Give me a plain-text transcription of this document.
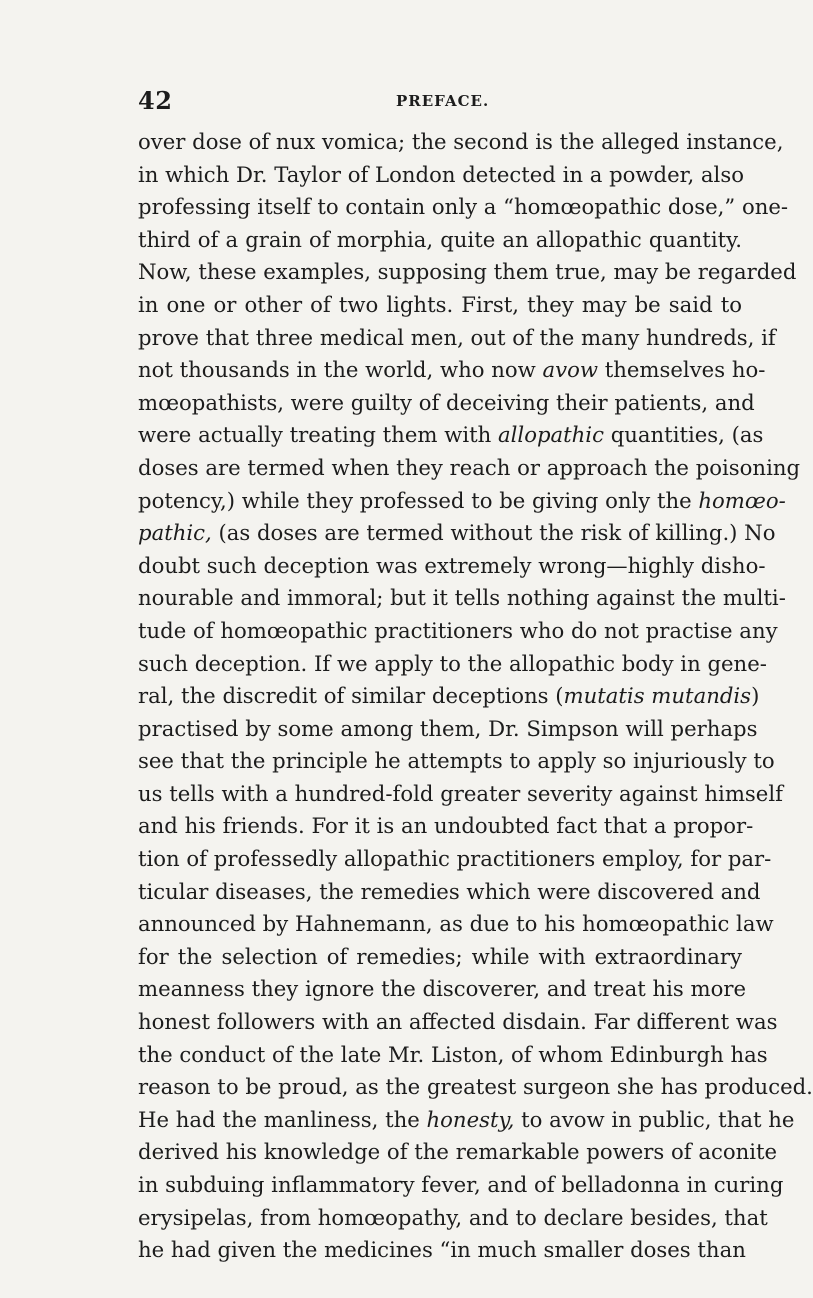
42	PREFACE.
over dose of nux vomica; the second is the alleged instance,
in which Dr. Taylor of London detected in a powder, also
professing itself to contain only a “homœopathic dose,” one-
third of a grain of morphia, quite an allopathic quantity.
Now, these examples, supposing them true, may be regarded
in one or other of two lights. First, they may be said to
prove that three medical men, out of the many hundreds, if
not thousands in the world, who now avow themselves ho-
mœopathists, were guilty of deceiving their patients, and
were actually treating them with allopathic quantities, (as
doses are termed when they reach or approach the poisoning
potency,) while they professed to be giving only the homœo-
pathic, (as doses are termed without the risk of killing.) No
doubt such deception was extremely wrong—highly disho-
nourable and immoral; but it tells nothing against the multi-
tude of homœopathic practitioners who do not practise any
such deception. If we apply to the allopathic body in gene-
ral, the discredit of similar deceptions (mutatis mutandis)
practised by some among them, Dr. Simpson will perhaps
see that the principle he attempts to apply so injuriously to
us tells with a hundred-fold greater severity against himself
and his friends. For it is an undoubted fact that a propor-
tion of professedly allopathic practitioners employ, for par-
ticular diseases, the remedies which were discovered and
announced by Hahnemann, as due to his homœopathic law
for the selection of remedies; while with extraordinary
meanness they ignore the discoverer, and treat his more
honest followers with an affected disdain. Far different was
the conduct of the late Mr. Liston, of whom Edinburgh has
reason to be proud, as the greatest surgeon she has produced.
He had the manliness, the honesty, to avow in public, that he
derived his knowledge of the remarkable powers of aconite
in subduing inflammatory fever, and of belladonna in curing
erysipelas, from homœopathy, and to declare besides, that
he had given the medicines “in much smaller doses than
